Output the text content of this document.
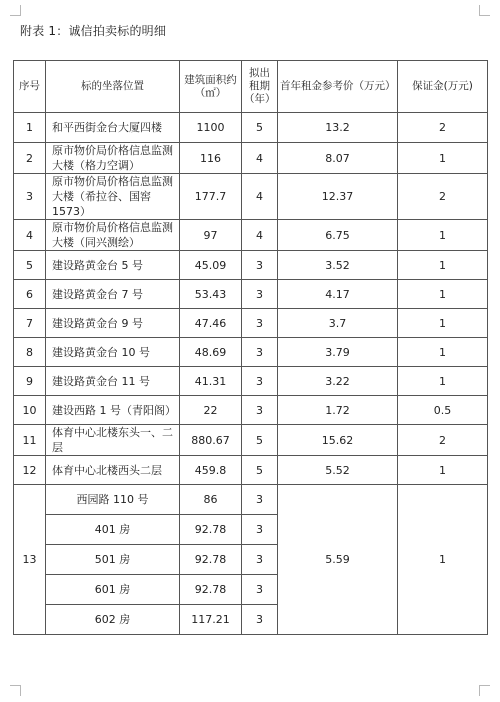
附表 1：诚信拍卖标的明细
序号	标的坐落位置	建筑面积约（㎡）	拟出租期（年）	首年租金参考价（万元）	保证金(万元)
1	和平西街金台大厦四楼	1100	5	13.2	2
2	原市物价局价格信息监测大楼（格力空调）	116	4	8.07	1
3	原市物价局价格信息监测大楼（希拉谷、国窖1573）	177.7	4	12.37	2
4	原市物价局价格信息监测大楼（同兴测绘）	97	4	6.75	1
5	建设路黄金台 5 号	45.09	3	3.52	1
6	建设路黄金台 7 号	53.43	3	4.17	1
7	建设路黄金台 9 号	47.46	3	3.7	1
8	建设路黄金台 10 号	48.69	3	3.79	1
9	建设路黄金台 11 号	41.31	3	3.22	1
10	建设西路 1 号（青阳阁）	22	3	1.72	0.5
11	体育中心北楼东头一、二层	880.67	5	15.62	2
12	体育中心北楼西头二层	459.8	5	5.52	1
13	西园路 110 号	86	3	5.59	1
	401 房	92.78	3		
	501 房	92.78	3		
	601 房	92.78	3		
	602 房	117.21	3		
